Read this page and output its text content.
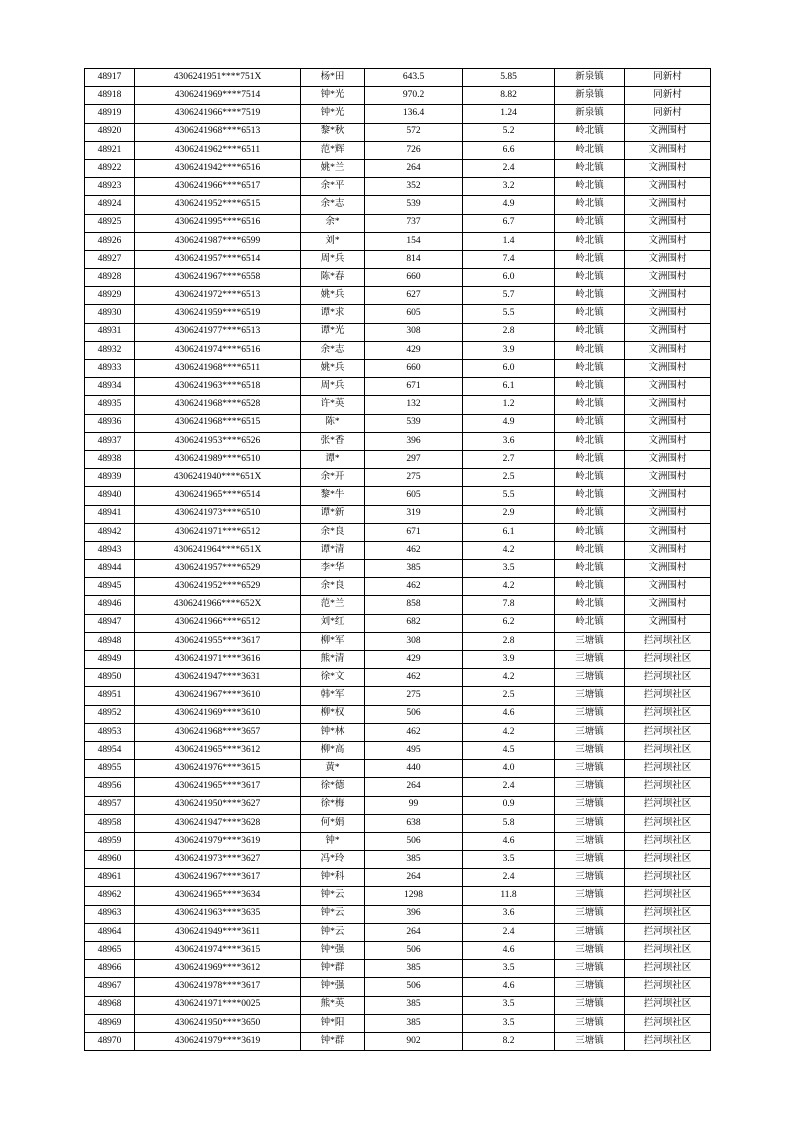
48917	4306241951****751X	杨*田	643.5	5.85	新泉镇	同新村
48918	4306241969****7514	钟*光	970.2	8.82	新泉镇	同新村
48919	4306241966****7519	钟*光	136.4	1.24	新泉镇	同新村
48920	4306241968****6513	黎*秋	572	5.2	岭北镇	文洲围村
48921	4306241962****6511	范*辉	726	6.6	岭北镇	文洲围村
48922	4306241942****6516	姚*兰	264	2.4	岭北镇	文洲围村
48923	4306241966****6517	余*平	352	3.2	岭北镇	文洲围村
48924	4306241952****6515	余*志	539	4.9	岭北镇	文洲围村
48925	4306241995****6516	余*	737	6.7	岭北镇	文洲围村
48926	4306241987****6599	刘*	154	1.4	岭北镇	文洲围村
48927	4306241957****6514	周*兵	814	7.4	岭北镇	文洲围村
48928	4306241967****6558	陈*春	660	6.0	岭北镇	文洲围村
48929	4306241972****6513	姚*兵	627	5.7	岭北镇	文洲围村
48930	4306241959****6519	谭*求	605	5.5	岭北镇	文洲围村
48931	4306241977****6513	谭*光	308	2.8	岭北镇	文洲围村
48932	4306241974****6516	余*志	429	3.9	岭北镇	文洲围村
48933	4306241968****6511	姚*兵	660	6.0	岭北镇	文洲围村
48934	4306241963****6518	周*兵	671	6.1	岭北镇	文洲围村
48935	4306241968****6528	许*英	132	1.2	岭北镇	文洲围村
48936	4306241968****6515	陈*	539	4.9	岭北镇	文洲围村
48937	4306241953****6526	张*香	396	3.6	岭北镇	文洲围村
48938	4306241989****6510	谭*	297	2.7	岭北镇	文洲围村
48939	4306241940****651X	余*开	275	2.5	岭北镇	文洲围村
48940	4306241965****6514	黎*牛	605	5.5	岭北镇	文洲围村
48941	4306241973****6510	谭*新	319	2.9	岭北镇	文洲围村
48942	4306241971****6512	余*良	671	6.1	岭北镇	文洲围村
48943	4306241964****651X	谭*清	462	4.2	岭北镇	文洲围村
48944	4306241957****6529	李*华	385	3.5	岭北镇	文洲围村
48945	4306241952****6529	余*良	462	4.2	岭北镇	文洲围村
48946	4306241966****652X	范*兰	858	7.8	岭北镇	文洲围村
48947	4306241966****6512	刘*红	682	6.2	岭北镇	文洲围村
48948	4306241955****3617	柳*军	308	2.8	三塘镇	拦河坝社区
48949	4306241971****3616	熊*清	429	3.9	三塘镇	拦河坝社区
48950	4306241947****3631	徐*文	462	4.2	三塘镇	拦河坝社区
48951	4306241967****3610	韩*军	275	2.5	三塘镇	拦河坝社区
48952	4306241969****3610	柳*权	506	4.6	三塘镇	拦河坝社区
48953	4306241968****3657	钟*林	462	4.2	三塘镇	拦河坝社区
48954	4306241965****3612	柳*高	495	4.5	三塘镇	拦河坝社区
48955	4306241976****3615	黄*	440	4.0	三塘镇	拦河坝社区
48956	4306241965****3617	徐*德	264	2.4	三塘镇	拦河坝社区
48957	4306241950****3627	徐*梅	99	0.9	三塘镇	拦河坝社区
48958	4306241947****3628	何*娟	638	5.8	三塘镇	拦河坝社区
48959	4306241979****3619	钟*	506	4.6	三塘镇	拦河坝社区
48960	4306241973****3627	冯*玲	385	3.5	三塘镇	拦河坝社区
48961	4306241967****3617	钟*科	264	2.4	三塘镇	拦河坝社区
48962	4306241965****3634	钟*云	1298	11.8	三塘镇	拦河坝社区
48963	4306241963****3635	钟*云	396	3.6	三塘镇	拦河坝社区
48964	4306241949****3611	钟*云	264	2.4	三塘镇	拦河坝社区
48965	4306241974****3615	钟*强	506	4.6	三塘镇	拦河坝社区
48966	4306241969****3612	钟*群	385	3.5	三塘镇	拦河坝社区
48967	4306241978****3617	钟*强	506	4.6	三塘镇	拦河坝社区
48968	4306241971****0025	熊*英	385	3.5	三塘镇	拦河坝社区
48969	4306241950****3650	钟*阳	385	3.5	三塘镇	拦河坝社区
48970	4306241979****3619	钟*群	902	8.2	三塘镇	拦河坝社区
